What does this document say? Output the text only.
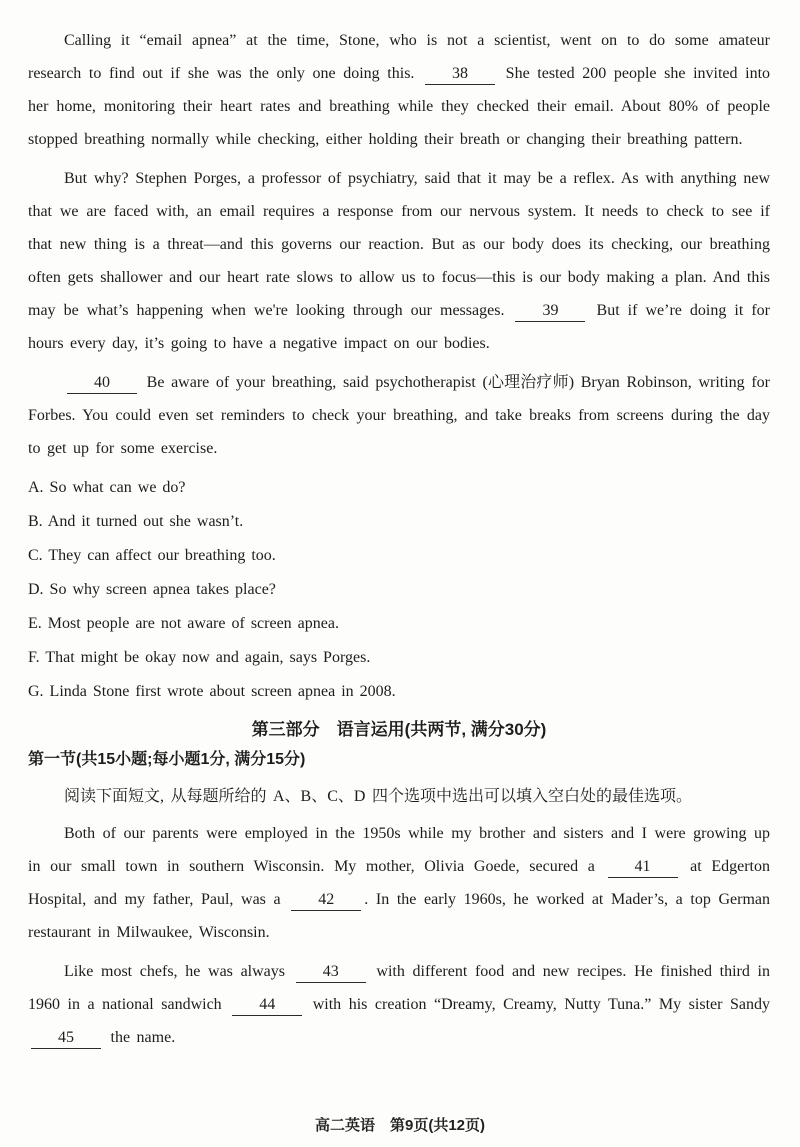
Calling it “email apnea” at the time, Stone, who is not a scientist, went on to do some amateur research to find out if she was the only one doing this. 38 She tested 200 people she invited into her home, monitoring their heart rates and breathing while they checked their email. About 80% of people stopped breathing normally while checking, either holding their breath or changing their breathing pattern.

But why? Stephen Porges, a professor of psychiatry, said that it may be a reflex. As with anything new that we are faced with, an email requires a response from our nervous system. It needs to check to see if that new thing is a threat—and this governs our reaction. But as our body does its checking, our breathing often gets shallower and our heart rate slows to allow us to focus—this is our body making a plan. And this may be what’s happening when we're looking through our messages. 39 But if we’re doing it for hours every day, it’s going to have a negative impact on our bodies.

40 Be aware of your breathing, said psychotherapist (心理治疗师) Bryan Robinson, writing for Forbes. You could even set reminders to check your breathing, and take breaks from screens during the day to get up for some exercise.

A. So what can we do?

B. And it turned out she wasn’t.

C. They can affect our breathing too.

D. So why screen apnea takes place?

E. Most people are not aware of screen apnea.

F. That might be okay now and again, says Porges.

G. Linda Stone first wrote about screen apnea in 2008.

第三部分　语言运用(共两节, 满分30分)

第一节(共15小题;每小题1分, 满分15分)

阅读下面短文, 从每题所给的 A、B、C、D 四个选项中选出可以填入空白处的最佳选项。

Both of our parents were employed in the 1950s while my brother and sisters and I were growing up in our small town in southern Wisconsin. My mother, Olivia Goede, secured a 41 at Edgerton Hospital, and my father, Paul, was a 42 . In the early 1960s, he worked at Mader’s, a top German restaurant in Milwaukee, Wisconsin.

Like most chefs, he was always 43 with different food and new recipes. He finished third in 1960 in a national sandwich 44 with his creation “Dreamy, Creamy, Nutty Tuna.” My sister Sandy 45 the name.

高二英语　第9页(共12页)
